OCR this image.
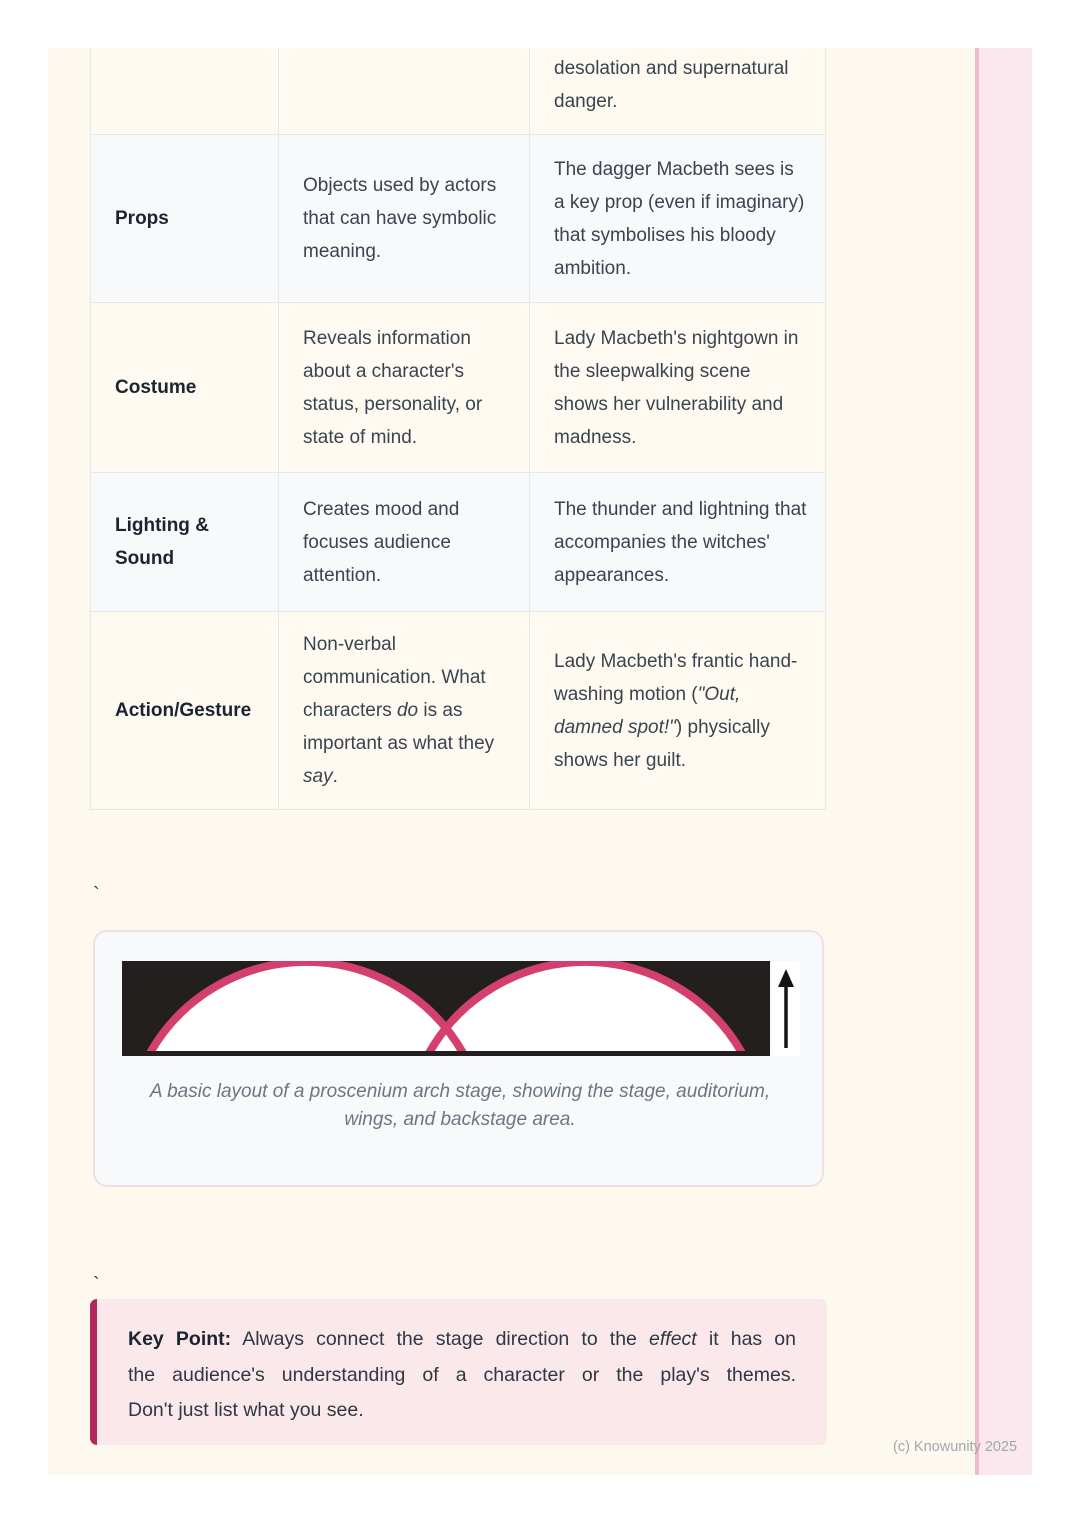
desolation and supernatural danger.
Props
Objects used by actors that can have symbolic meaning.
The dagger Macbeth sees is a key prop (even if imaginary) that symbolises his bloody ambition.
Costume
Reveals information about a character's status, personality, or state of mind.
Lady Macbeth's nightgown in the sleepwalking scene shows her vulnerability and madness.
Lighting & Sound
Creates mood and focuses audience attention.
The thunder and lightning that accompanies the witches' appearances.
Action/Gesture
Non-verbal communication. What characters do is as important as what they say.
Lady Macbeth's frantic hand-washing motion ("Out, damned spot!") physically shows her guilt.
`
A basic layout of a proscenium arch stage, showing the stage, auditorium, wings, and backstage area.
`
Key Point: Always connect the stage direction to the effect it has on
the audience's understanding of a character or the play's themes.
Don't just list what you see.
(c) Knowunity 2025
